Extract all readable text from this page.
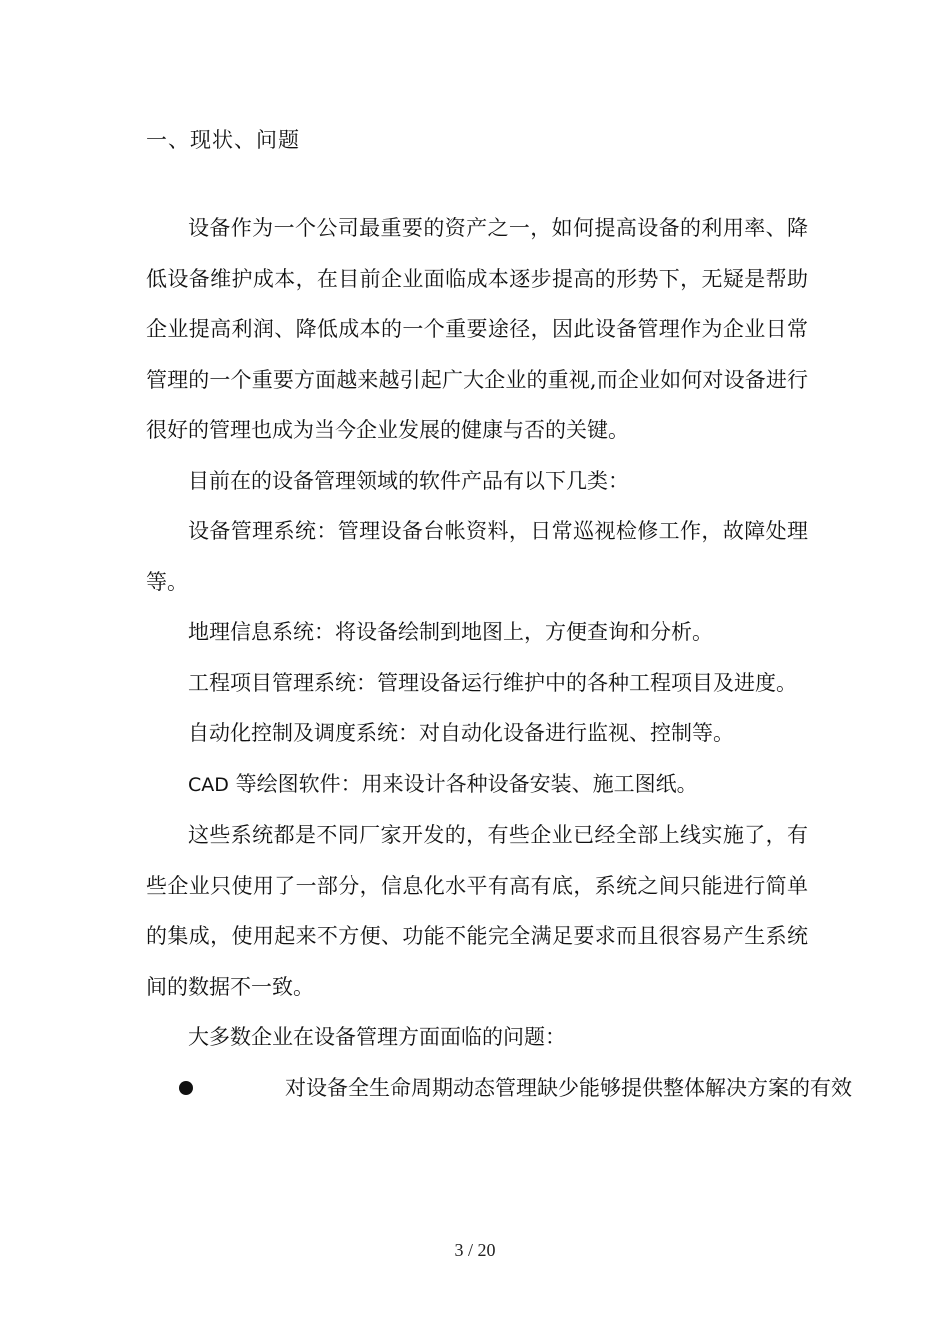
一、现状、问题

设备作为一个公司最重要的资产之一，如何提高设备的利用率、降低设备维护成本，在目前企业面临成本逐步提高的形势下，无疑是帮助企业提高利润、降低成本的一个重要途径，因此设备管理作为企业日常管理的一个重要方面越来越引起广大企业的重视,而企业如何对设备进行很好的管理也成为当今企业发展的健康与否的关键。

目前在的设备管理领域的软件产品有以下几类：

设备管理系统：管理设备台帐资料，日常巡视检修工作，故障处理等。

地理信息系统：将设备绘制到地图上，方便查询和分析。

工程项目管理系统：管理设备运行维护中的各种工程项目及进度。

自动化控制及调度系统：对自动化设备进行监视、控制等。

CAD 等绘图软件：用来设计各种设备安装、施工图纸。

这些系统都是不同厂家开发的，有些企业已经全部上线实施了，有些企业只使用了一部分，信息化水平有高有底，系统之间只能进行简单的集成，使用起来不方便、功能不能完全满足要求而且很容易产生系统间的数据不一致。

大多数企业在设备管理方面面临的问题：

对设备全生命周期动态管理缺少能够提供整体解决方案的有效

3 / 20
